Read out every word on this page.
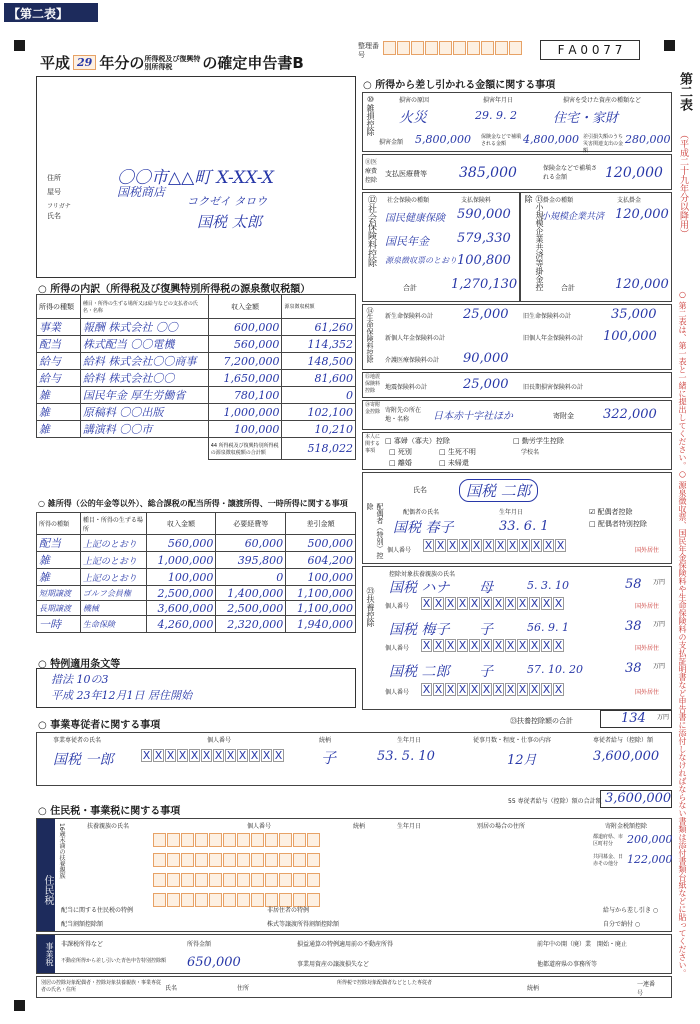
【第二表】
平成 29 年分の 所得税及び復興特別所得税	の確定申告書B
整理番号	F A 0 0 7 7
第二表
（平成二十九年分以降用）
○ 第二表は、第一表と一緒に提出してください。○ 源泉徴収票、国民年金保険料や生命保険料の支払証明書など申告書に添付しなければならない書類は添付書類台紙などに貼ってください。
住所
屋号
フリガナ
氏名
〇〇市△△町 X-XX-X
国税商店
コクゼイ タロウ
国税 太郎
○ 所得の内訳（所得税及び復興特別所得税の源泉徴収税額）
所得の種類	種目・所得の生ずる場所又は給与などの支払者の氏名・名称	収入金額	源泉徴収税額
事業	報酬 株式会社 〇〇	600,000	61,260
配当	株式配当 〇〇電機	560,000	114,352
給与	給料 株式会社〇〇商事	7,200,000	148,500
給与	給料 株式会社〇〇	1,650,000	81,600
雑	国民年金 厚生労働省	780,100	0
雑	原稿料 〇〇出版	1,000,000	102,100
雑	講演料 〇〇市	100,000	10,210
		44 所得税及び復興特別所得税の源泉徴収税額の合計額	518,022
○ 雑所得（公的年金等以外）、総合課税の配当所得・譲渡所得、一時所得に関する事項
所得の種類	種目・所得の生ずる場所	収入金額	必要経費等	差引金額
配当	上記のとおり	560,000	60,000	500,000
雑	上記のとおり	1,000,000	395,800	604,200
雑	上記のとおり	100,000	0	100,000
短期譲渡	ゴルフ会員権	2,500,000	1,400,000	1,100,000
長期譲渡	機械	3,600,000	2,500,000	1,100,000
一時	生命保険	4,260,000	2,320,000	1,940,000
○ 特例適用条文等
措法 10の3
平成 23年12月1日 居住開始
○ 所得から差し引かれる金額に関する事項
⑩雑損控除
損害の原因	損害年月日	損害を受けた資産の種類など
火災	29. 9. 2	住宅・家財
損害金額 5,800,000 保険金などで補塡される金額	4,800,000 差引損失額のうち災害関連支出の金額
280,000
⑪医療費控除
支払医療費等 385,000	保険金などで補塡される金額	120,000
⑫社会保険料控除
社会保険の種類	支払保険料
国民健康保険 590,000
国民年金 579,330
源泉徴収票のとおり 100,800
合計	1,270,130
⑬小規模企業共済等掛金控除	掛金の種類	支払掛金
小規模企業共済 120,000
合計	120,000
⑭生命保険料控除 新生命保険料の計 25,000 旧生命保険料の計	35,000
新個人年金保険料の計	旧個人年金保険料の計 100,000
介護医療保険料の計 90,000
⑮地震保険料控除	地震保険料の計	25,000 旧長期損害保険料の計
㉔寄附金控除 寄附先の所在地・名称	日本赤十字社ほか	寄附金 322,000
本人に関する事項
□ 寡婦（寡夫）控除
□ 死別	□ 生死不明
□ 離婚	□ 未帰還
□ 勤労学生控除
学校名
配偶者（特別）控除
氏名	国税 二郎
配偶者の氏名	生年月日	☑ 配偶者控除
□ 配偶者特別控除
国税 春子	33. 6. 1
個人番号 X X X X X X X X X X X X	国外居住
㉓扶養控除
控除対象扶養親族の氏名
国税 ハナ 母	5. 3. 10	58 万円
個人番号 X X X X X X X X X X X X	国外居住
国税 梅子 子	56. 9. 1	38 万円
個人番号 X X X X X X X X X X X X	国外居住
国税 二郎 子	57. 10. 20	38 万円
個人番号 X X X X X X X X X X X X	国外居住
㉓扶養控除額の合計	134 万円
○ 事業専従者に関する事項
事業専従者の氏名	個人番号	続柄	生年月日	従事月数・程度・仕事の内容	専従者給与（控除）額
国税 一郎	X X X X X X X X X X X X	子	53. 5. 10	12月	3,600,000
55 専従者給与（控除）額の合計額 3,600,000
○ 住民税・事業税に関する事項
住民税
16歳未満の扶養親族	扶養親族の氏名	個人番号	続柄	生年月日	別居の場合の住所	寄附金税額控除
都道府県、市区町村分	200,000
共同募金、日赤その他分 122,000
配当に関する住民税の特例
配当割額控除額
非居住者の特例
株式等譲渡所得割額控除額
給与から差し引き ○
自分で納付 ○
事業税 非課税所得など	所得金額
不動産所得から差し引いた青色申告特別控除額	650,000
損益通算の特例適用前の不動産所得
事業用資産の譲渡損失など
前年中の開（廃）業 開始・廃止
他都道府県の事務所等
別居の控除対象配偶者・控除対象扶養親族・事業専従者の氏名・住所	氏名	住所
所得税で控除対象配偶者などとした専従者
続柄
一連番号
